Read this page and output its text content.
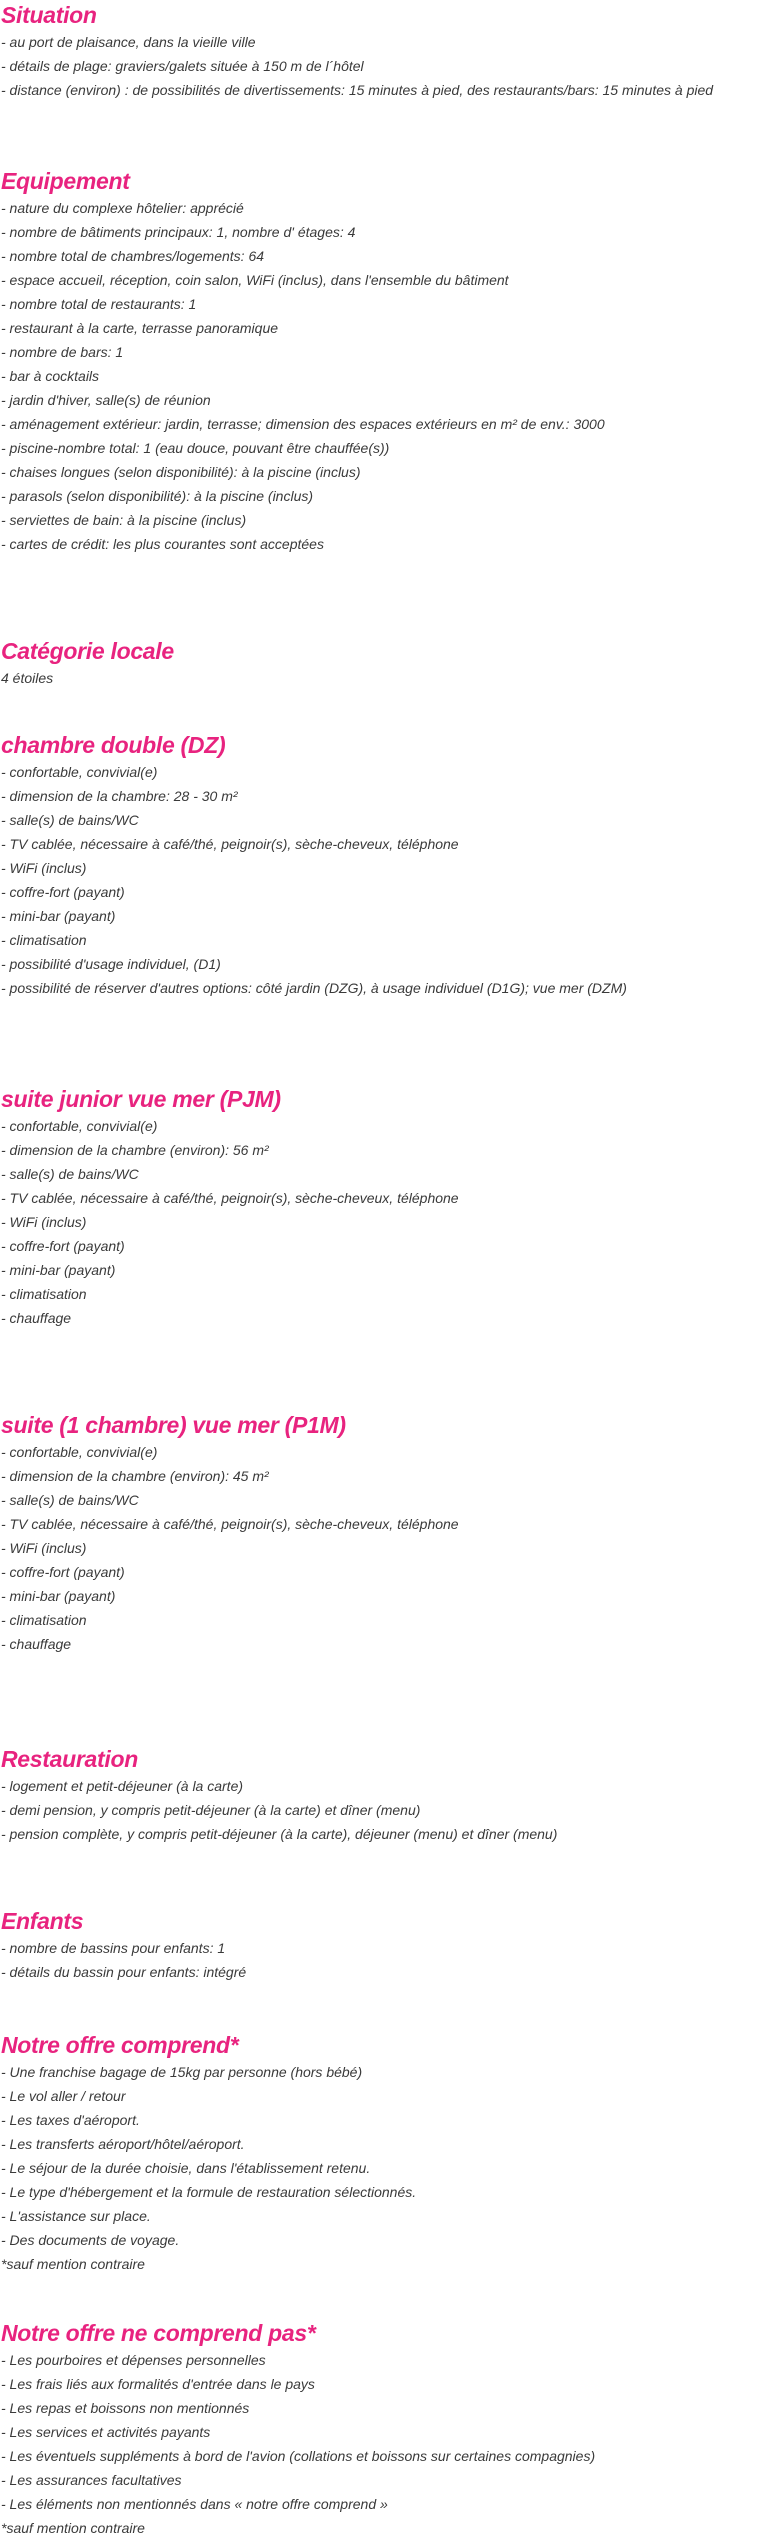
Situation
- au port de plaisance, dans la vieille ville
- détails de plage: graviers/galets située à 150 m de l´hôtel
- distance (environ) : de possibilités de divertissements: 15 minutes à pied, des restaurants/bars: 15 minutes à pied
Equipement
- nature du complexe hôtelier: apprécié
- nombre de bâtiments principaux: 1, nombre d' étages: 4
- nombre total de chambres/logements: 64
- espace accueil, réception, coin salon, WiFi (inclus), dans l'ensemble du bâtiment
- nombre total de restaurants: 1
- restaurant à la carte, terrasse panoramique
- nombre de bars: 1
- bar à cocktails
- jardin d'hiver, salle(s) de réunion
- aménagement extérieur: jardin, terrasse; dimension des espaces extérieurs en m² de env.: 3000
- piscine-nombre total: 1 (eau douce, pouvant être chauffée(s))
- chaises longues (selon disponibilité): à la piscine (inclus)
- parasols (selon disponibilité): à la piscine (inclus)
- serviettes de bain: à la piscine (inclus)
- cartes de crédit: les plus courantes sont acceptées
Catégorie locale

4 étoiles

chambre double (DZ)
- confortable, convivial(e)
- dimension de la chambre: 28 - 30 m²
- salle(s) de bains/WC
- TV cablée, nécessaire à café/thé, peignoir(s), sèche-cheveux, téléphone
- WiFi (inclus)
- coffre-fort (payant)
- mini-bar (payant)
- climatisation
- possibilité d'usage individuel, (D1)
- possibilité de réserver d'autres options: côté jardin (DZG), à usage individuel (D1G); vue mer (DZM)
suite junior vue mer (PJM)
- confortable, convivial(e)
- dimension de la chambre (environ): 56 m²
- salle(s) de bains/WC
- TV cablée, nécessaire à café/thé, peignoir(s), sèche-cheveux, téléphone
- WiFi (inclus)
- coffre-fort (payant)
- mini-bar (payant)
- climatisation
- chauffage
suite (1 chambre) vue mer (P1M)
- confortable, convivial(e)
- dimension de la chambre (environ): 45 m²
- salle(s) de bains/WC
- TV cablée, nécessaire à café/thé, peignoir(s), sèche-cheveux, téléphone
- WiFi (inclus)
- coffre-fort (payant)
- mini-bar (payant)
- climatisation
- chauffage
Restauration
- logement et petit-déjeuner (à la carte)
- demi pension, y compris petit-déjeuner (à la carte) et dîner (menu)
- pension complète, y compris petit-déjeuner (à la carte), déjeuner (menu) et dîner (menu)
Enfants
- nombre de bassins pour enfants: 1
- détails du bassin pour enfants: intégré
Notre offre comprend*
- Une franchise bagage de 15kg par personne (hors bébé)
- Le vol aller / retour
- Les taxes d'aéroport.
- Les transferts aéroport/hôtel/aéroport.
- Le séjour de la durée choisie, dans l'établissement retenu.
- Le type d'hébergement et la formule de restauration sélectionnés.
- L'assistance sur place.
- Des documents de voyage.
*sauf mention contraire
Notre offre ne comprend pas*
- Les pourboires et dépenses personnelles
- Les frais liés aux formalités d'entrée dans le pays
- Les repas et boissons non mentionnés
- Les services et activités payants
- Les éventuels suppléments à bord de l'avion (collations et boissons sur certaines compagnies)
- Les assurances facultatives
- Les éléments non mentionnés dans « notre offre comprend »
*sauf mention contraire
